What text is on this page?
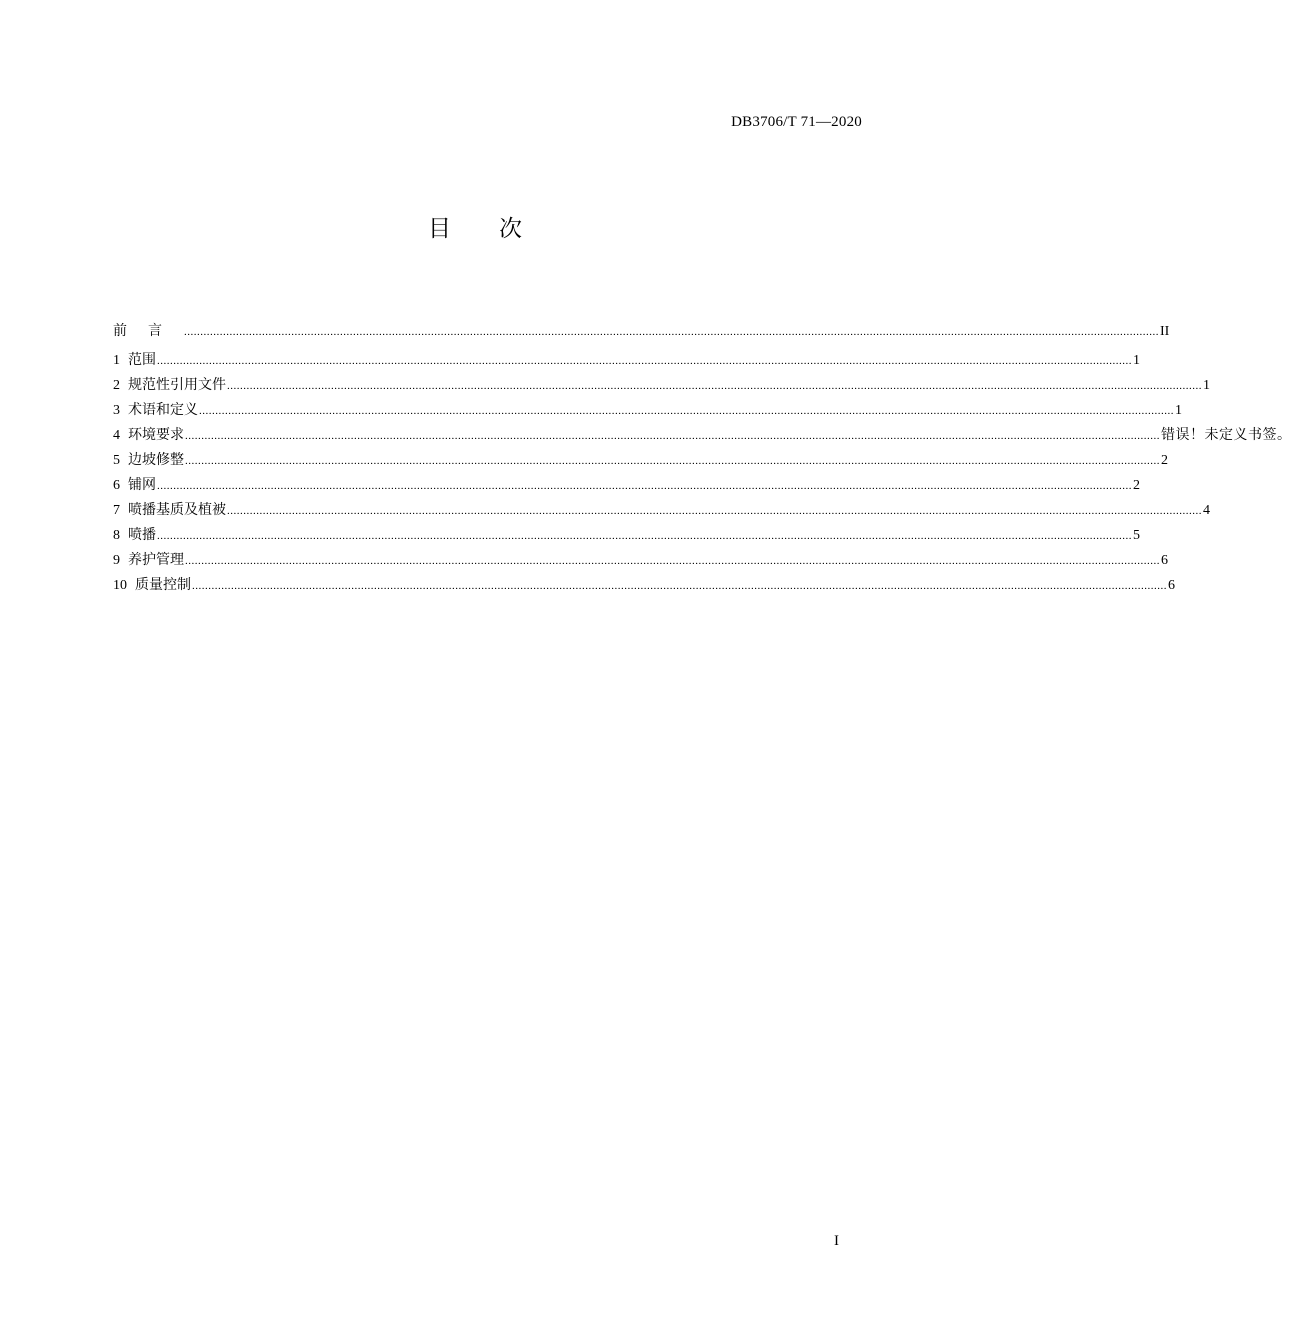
DB3706/T 71—2020
目 次
前言 ............................................................................................................................................................................................................................................................................................................ II
1 范围 ............................................................................................................................................................................................................................................................................................................ 1
2 规范性引用文件 ............................................................................................................................................................................................................................................................................................................ 1
3 术语和定义 ............................................................................................................................................................................................................................................................................................................ 1
4 环境要求 ............................................................................................................................................................................................................................................................................................................ 错误！未定义书签。
5 边坡修整 ............................................................................................................................................................................................................................................................................................................ 2
6 铺网 ............................................................................................................................................................................................................................................................................................................ 2
7 喷播基质及植被 ............................................................................................................................................................................................................................................................................................................ 4
8 喷播 ............................................................................................................................................................................................................................................................................................................ 5
9 养护管理 ............................................................................................................................................................................................................................................................................................................ 6
10 质量控制 ............................................................................................................................................................................................................................................................................................................ 6
I
